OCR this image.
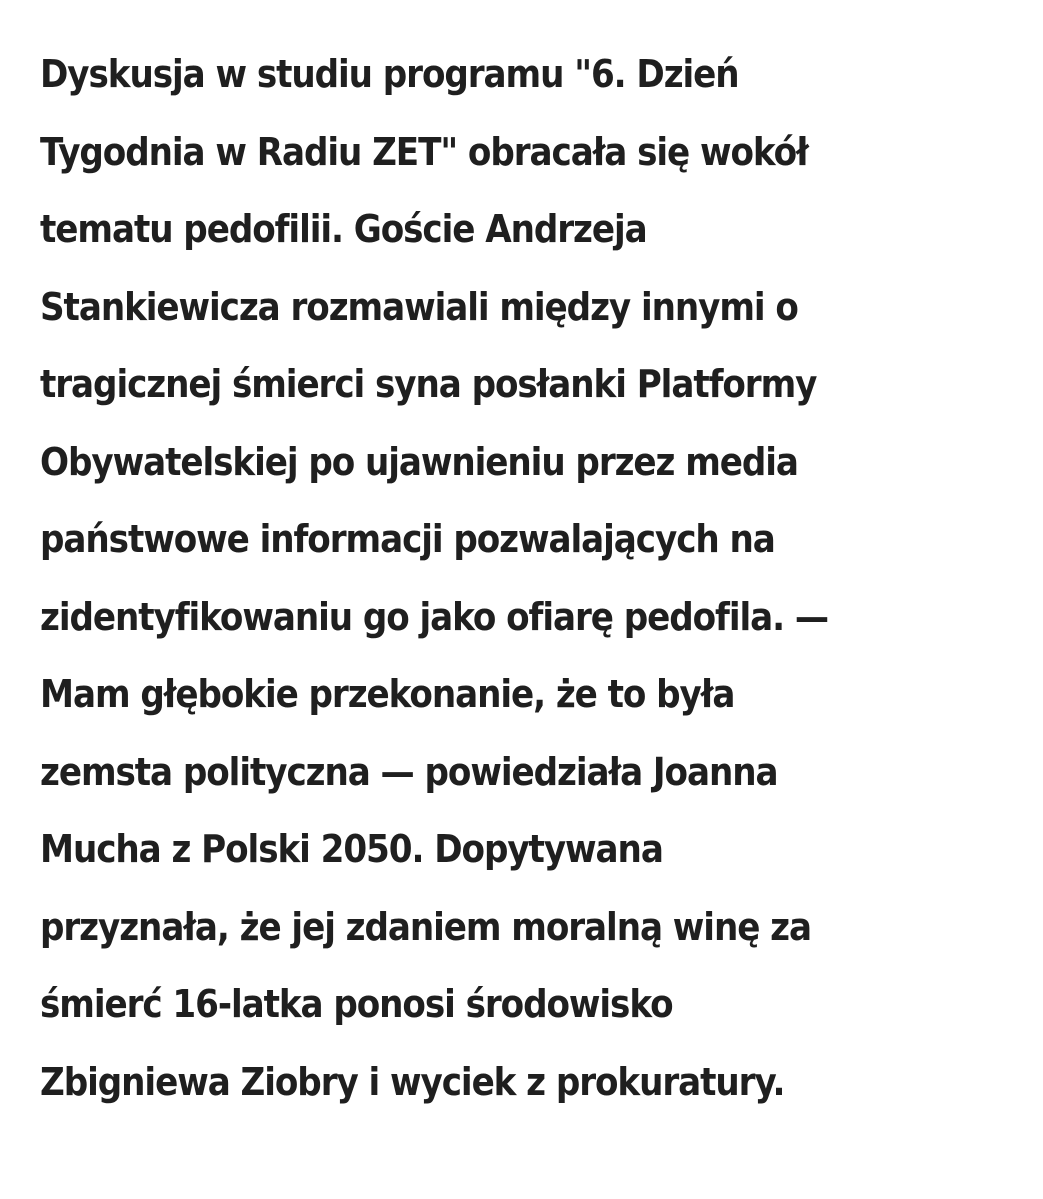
Dyskusja w studiu programu "6. Dzień
Tygodnia w Radiu ZET" obracała się wokół
tematu pedofilii. Goście Andrzeja
Stankiewicza rozmawiali między innymi o
tragicznej śmierci syna posłanki Platformy
Obywatelskiej po ujawnieniu przez media
państwowe informacji pozwalających na
zidentyfikowaniu go jako ofiarę pedofila. —
Mam głębokie przekonanie, że to była
zemsta polityczna — powiedziała Joanna
Mucha z Polski 2050. Dopytywana
przyznała, że jej zdaniem moralną winę za
śmierć 16-latka ponosi środowisko
Zbigniewa Ziobry i wyciek z prokuratury.
